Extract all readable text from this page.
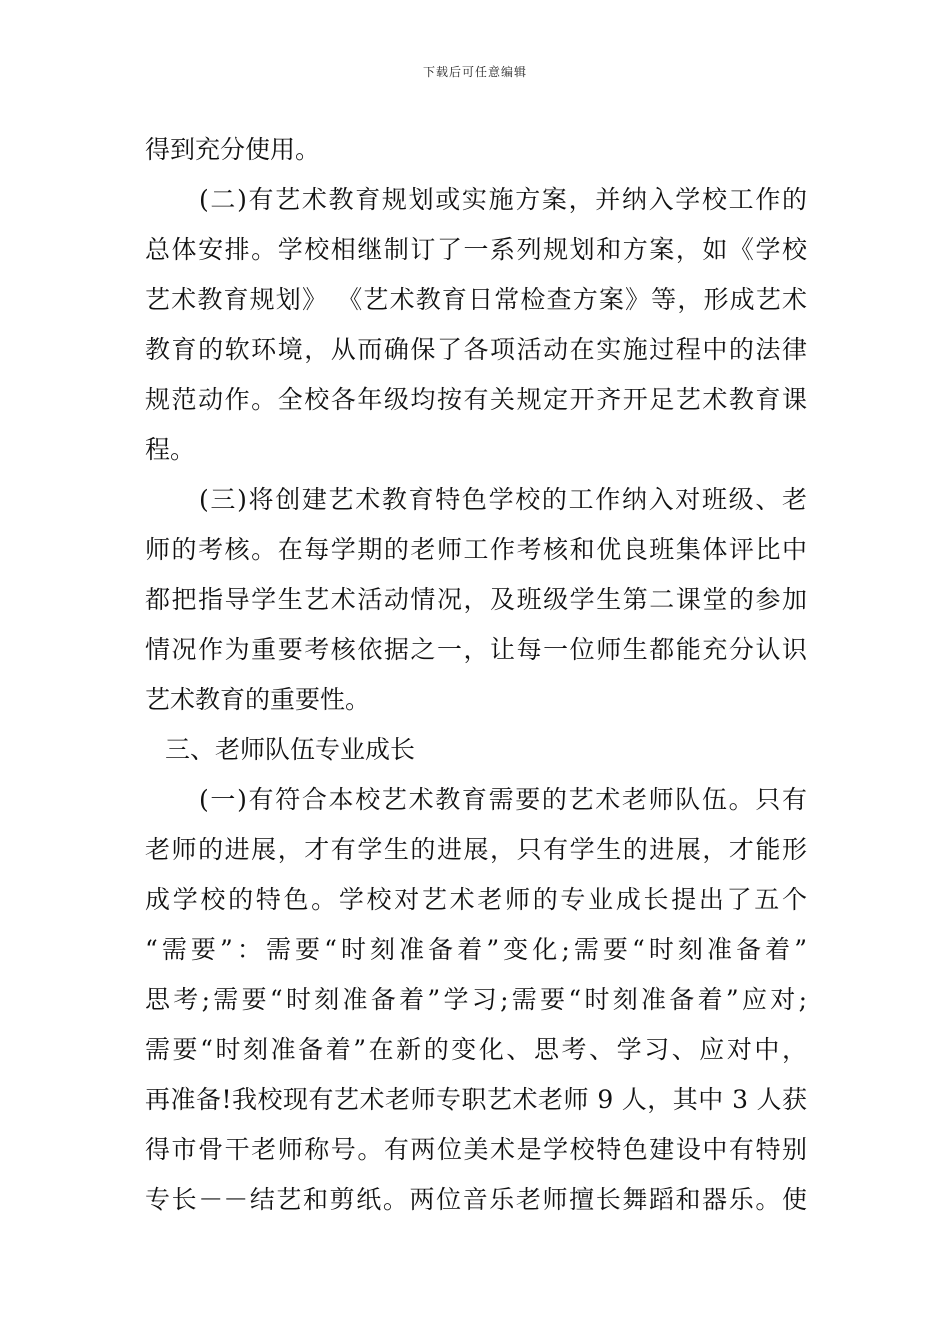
下载后可任意编辑
得到充分使用。
(二)有艺术教育规划或实施方案，并纳入学校工作的
总体安排。学校相继制订了一系列规划和方案，如《学校
艺术教育规划》 《艺术教育日常检查方案》等，形成艺术
教育的软环境，从而确保了各项活动在实施过程中的法律
规范动作。全校各年级均按有关规定开齐开足艺术教育课
程。
(三)将创建艺术教育特色学校的工作纳入对班级、老
师的考核。在每学期的老师工作考核和优良班集体评比中
都把指导学生艺术活动情况，及班级学生第二课堂的参加
情况作为重要考核依据之一，让每一位师生都能充分认识
艺术教育的重要性。
三、老师队伍专业成长
(一)有符合本校艺术教育需要的艺术老师队伍。只有
老师的进展，才有学生的进展，只有学生的进展，才能形
成学校的特色。学校对艺术老师的专业成长提出了五个
“需要”：需要“时刻准备着”变化;需要“时刻准备着”
思考;需要“时刻准备着”学习;需要“时刻准备着”应对;
需要“时刻准备着”在新的变化、思考、学习、应对中，
再准备!我校现有艺术老师专职艺术老师 9 人，其中 3 人获
得市骨干老师称号。有两位美术是学校特色建设中有特别
专长－－结艺和剪纸。两位音乐老师擅长舞蹈和器乐。使
